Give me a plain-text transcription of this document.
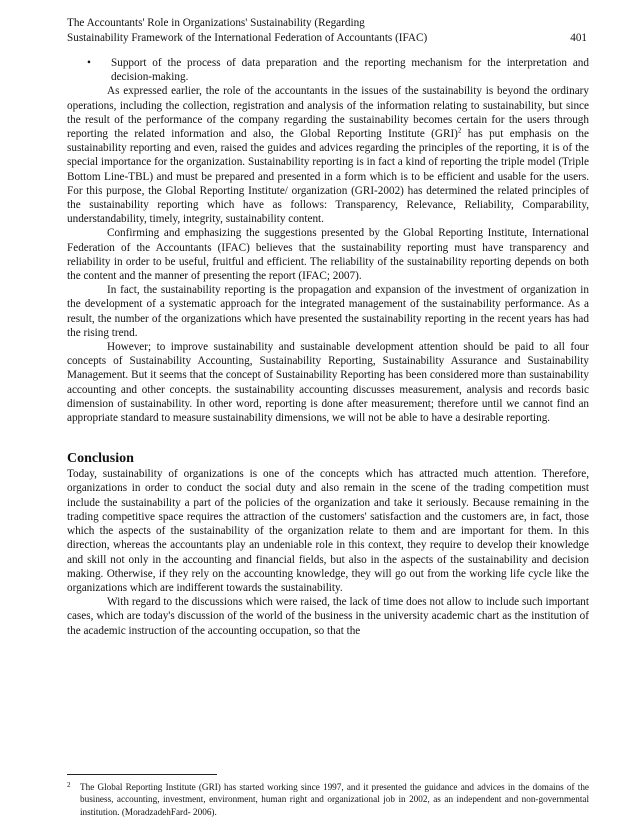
The Accountants' Role in Organizations' Sustainability (Regarding
Sustainability Framework of the International Federation of Accountants (IFAC)	401
•	Support of the process of data preparation and the reporting mechanism for the interpretation and decision-making.

As expressed earlier, the role of the accountants in the issues of the sustainability is beyond the ordinary operations, including the collection, registration and analysis of the information relating to sustainability, but since the result of the performance of the company regarding the sustainability becomes certain for the users through reporting the related information and also, the Global Reporting Institute (GRI)$^2$ has put emphasis on the sustainability reporting and even, raised the guides and advices regarding the principles of the reporting, it is of the special importance for the organization. Sustainability reporting is in fact a kind of reporting the triple model (Triple Bottom Line-TBL) and must be prepared and presented in a form which is to be efficient and usable for the users. For this purpose, the Global Reporting Institute/ organization (GRI-2002) has determined the related principles of the sustainability reporting which have as follows: Transparency, Relevance, Reliability, Comparability, understandability, timely, integrity, sustainability content.

Confirming and emphasizing the suggestions presented by the Global Reporting Institute, International Federation of the Accountants (IFAC) believes that the sustainability reporting must have transparency and reliability in order to be useful, fruitful and efficient. The reliability of the sustainability reporting depends on both the content and the manner of presenting the report (IFAC; 2007).

In fact, the sustainability reporting is the propagation and expansion of the investment of organization in the development of a systematic approach for the integrated management of the sustainability performance. As a result, the number of the organizations which have presented the sustainability reporting in the recent years has had the rising trend.

However; to improve sustainability and sustainable development attention should be paid to all four concepts of Sustainability Accounting, Sustainability Reporting, Sustainability Assurance and Sustainability Management. But it seems that the concept of Sustainability Reporting has been considered more than sustainability accounting and other concepts. the sustainability accounting discusses measurement, analysis and records basic dimension of sustainability. In other word, reporting is done after measurement; therefore until we cannot find an appropriate standard to measure sustainability dimensions, we will not be able to have a desirable reporting.

Conclusion

Today, sustainability of organizations is one of the concepts which has attracted much attention. Therefore, organizations in order to conduct the social duty and also remain in the scene of the trading competition must include the sustainability a part of the policies of the organization and take it seriously. Because remaining in the trading competitive space requires the attraction of the customers' satisfaction and the customers are, in fact, those which the aspects of the sustainability of the organization relate to them and are important for them. In this direction, whereas the accountants play an undeniable role in this context, they require to develop their knowledge and skill not only in the accounting and financial fields, but also in the aspects of the sustainability and decision making. Otherwise, if they rely on the accounting knowledge, they will go out from the working life cycle like the organizations which are indifferent towards the sustainability.

With regard to the discussions which were raised, the lack of time does not allow to include such important cases, which are today's discussion of the world of the business in the university academic chart as the institution of the academic instruction of the accounting occupation, so that the

2	The Global Reporting Institute (GRI) has started working since 1997, and it presented the guidance and advices in the domains of the business, accounting, investment, environment, human right and organizational job in 2002, as an independent and non-governmental institution. (MoradzadehFard- 2006).
